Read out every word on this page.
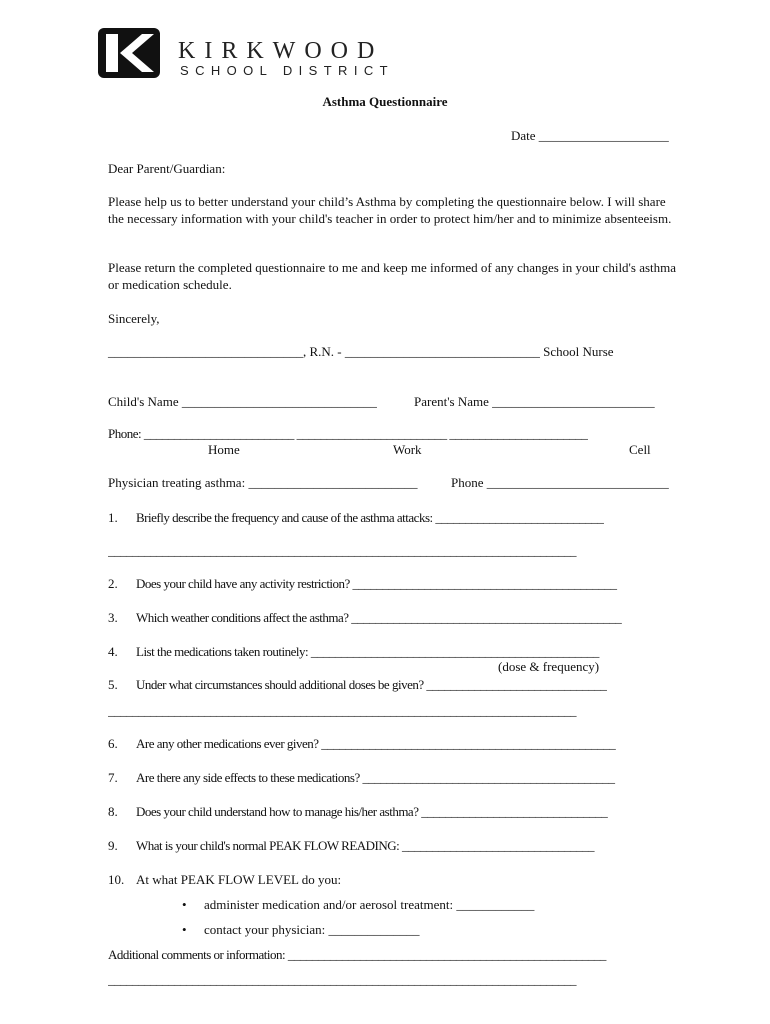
KIRKWOOD
SCHOOL DISTRICT
Asthma Questionnaire
Date ____________________
Dear Parent/Guardian:
Please help us to better understand your child’s Asthma by completing the questionnaire below. I will share the necessary information with your child's teacher in order to protect him/her and to minimize absenteeism.
Please return the completed questionnaire to me and keep me informed of any changes in your child's asthma or medication schedule.
Sincerely,
______________________________, R.N. - ______________________________ School Nurse
Child's Name ______________________________	Parent's Name _________________________
Phone: _________________________ _________________________ _______________________
Home	Work	Cell
Physician treating asthma: __________________________	Phone ____________________________
1. Briefly describe the frequency and cause of the asthma attacks: ____________________________
______________________________________________________________________________
2. Does your child have any activity restriction? ____________________________________________
3. Which weather conditions affect the asthma? _____________________________________________
4. List the medications taken routinely: ________________________________________________
(dose & frequency)
5. Under what circumstances should additional doses be given? ______________________________
______________________________________________________________________________
6. Are any other medications ever given? _________________________________________________
7. Are there any side effects to these medications? __________________________________________
8. Does your child understand how to manage his/her asthma? _______________________________
9. What is your child's normal PEAK FLOW READING: ________________________________
10. At what PEAK FLOW LEVEL do you:
• administer medication and/or aerosol treatment: ____________
• contact your physician: ______________
Additional comments or information: _____________________________________________________
______________________________________________________________________________
